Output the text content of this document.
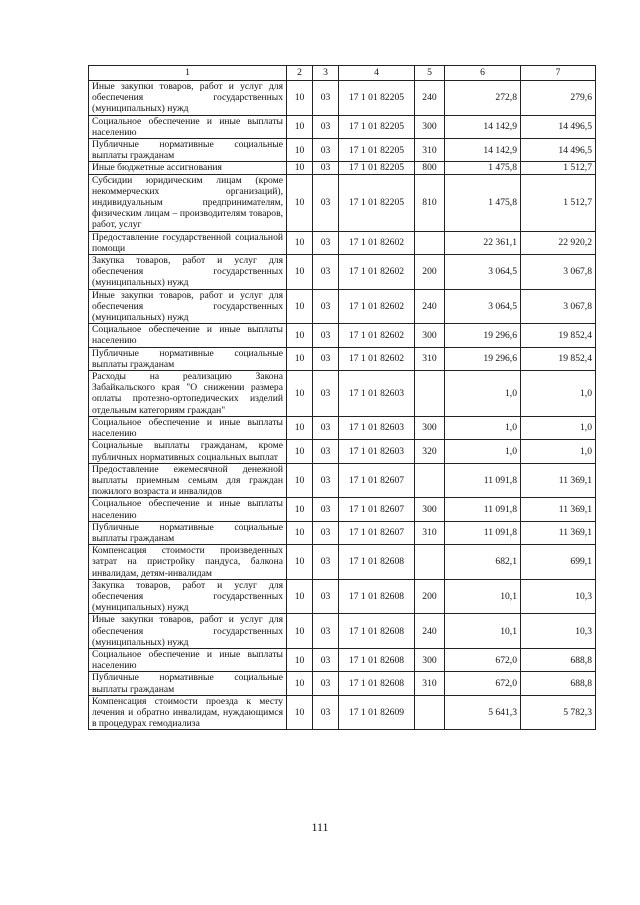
1	2	3	4	5	6	7
Иные закупки товаров, работ и услуг для обеспечения государственных (муниципальных) нужд	10	03	17 1 01 82205	240	272,8	279,6
Социальное обеспечение и иные выплаты населению	10	03	17 1 01 82205	300	14 142,9	14 496,5
Публичные нормативные социальные выплаты гражданам	10	03	17 1 01 82205	310	14 142,9	14 496,5
Иные бюджетные ассигнования	10	03	17 1 01 82205	800	1 475,8	1 512,7
Субсидии юридическим лицам (кроме некоммерческих организаций), индивидуальным предпринимателям, физическим лицам – производителям товаров, работ, услуг	10	03	17 1 01 82205	810	1 475,8	1 512,7
Предоставление государственной социальной помощи	10	03	17 1 01 82602		22 361,1	22 920,2
Закупка товаров, работ и услуг для обеспечения государственных (муниципальных) нужд	10	03	17 1 01 82602	200	3 064,5	3 067,8
Иные закупки товаров, работ и услуг для обеспечения государственных (муниципальных) нужд	10	03	17 1 01 82602	240	3 064,5	3 067,8
Социальное обеспечение и иные выплаты населению	10	03	17 1 01 82602	300	19 296,6	19 852,4
Публичные нормативные социальные выплаты гражданам	10	03	17 1 01 82602	310	19 296,6	19 852,4
Расходы на реализацию Закона Забайкальского края "О снижении размера оплаты протезно-ортопедических изделий отдельным категориям граждан"	10	03	17 1 01 82603		1,0	1,0
Социальное обеспечение и иные выплаты населению	10	03	17 1 01 82603	300	1,0	1,0
Социальные выплаты гражданам, кроме публичных нормативных социальных выплат	10	03	17 1 01 82603	320	1,0	1,0
Предоставление ежемесячной денежной выплаты приемным семьям для граждан пожилого возраста и инвалидов	10	03	17 1 01 82607		11 091,8	11 369,1
Социальное обеспечение и иные выплаты населению	10	03	17 1 01 82607	300	11 091,8	11 369,1
Публичные нормативные социальные выплаты гражданам	10	03	17 1 01 82607	310	11 091,8	11 369,1
Компенсация стоимости произведенных затрат на пристройку пандуса, балкона инвалидам, детям-инвалидам	10	03	17 1 01 82608		682,1	699,1
Закупка товаров, работ и услуг для обеспечения государственных (муниципальных) нужд	10	03	17 1 01 82608	200	10,1	10,3
Иные закупки товаров, работ и услуг для обеспечения государственных (муниципальных) нужд	10	03	17 1 01 82608	240	10,1	10,3
Социальное обеспечение и иные выплаты населению	10	03	17 1 01 82608	300	672,0	688,8
Публичные нормативные социальные выплаты гражданам	10	03	17 1 01 82608	310	672,0	688,8
Компенсация стоимости проезда к месту лечения и обратно инвалидам, нуждающимся в процедурах гемодиализа	10	03	17 1 01 82609		5 641,3	5 782,3
111
